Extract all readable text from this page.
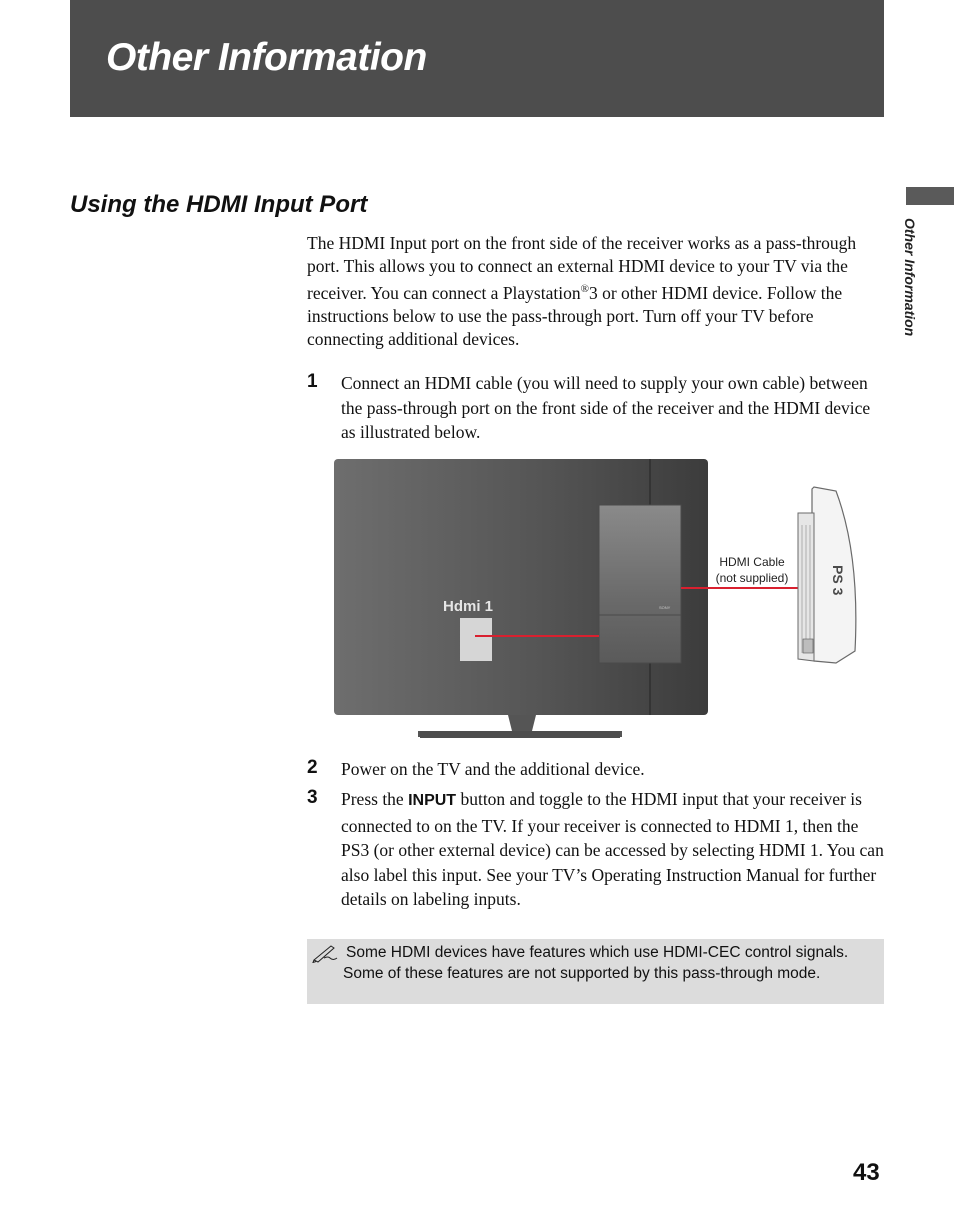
Other Information
Other Information
Using the HDMI Input Port

The HDMI Input port on the front side of the receiver works as a pass-through port. This allows you to connect an external HDMI device to your TV via the receiver. You can connect a Playstation®3 or other HDMI device. Follow the instructions below to use the pass-through port. Turn off your TV before connecting additional devices.

1 Connect an HDMI cable (you will need to supply your own cable) between the pass-through port on the front side of the receiver and the HDMI device as illustrated below.

SONY
Hdmi 1
HDMI Cable
(not supplied)	PS 3
2 Power on the TV and the additional device.

3 Press the INPUT button and toggle to the HDMI input that your receiver is connected to on the TV. If your receiver is connected to HDMI 1, then the PS3 (or other external device) can be accessed by selecting HDMI 1. You can also label this input. See your TV’s Operating Instruction Manual for further details on labeling inputs.

Some HDMI devices have features which use HDMI-CEC control signals. Some of these features are not supported by this pass-through mode.

43
